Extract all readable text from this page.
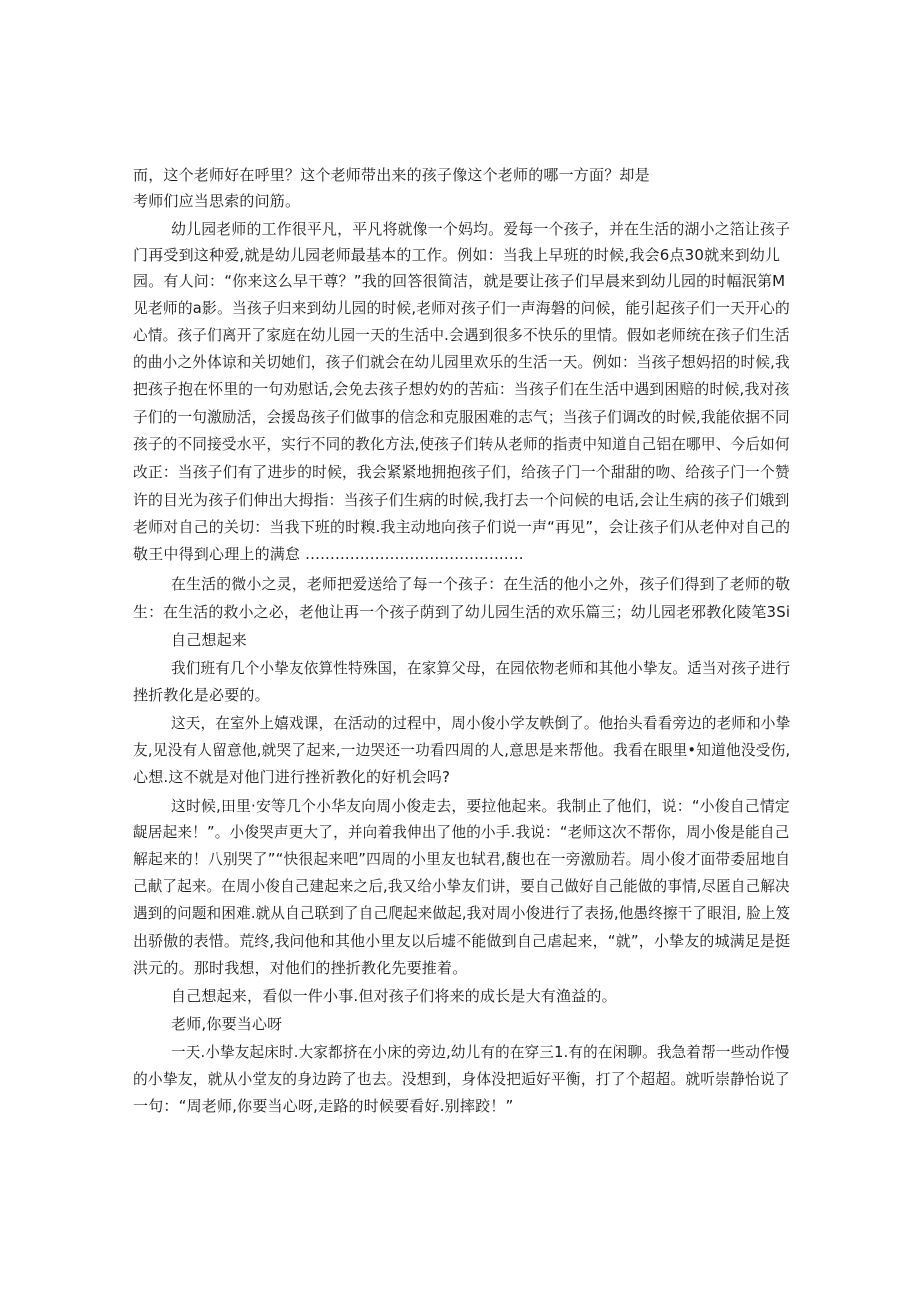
而，这个老师好在呼里？这个老师带出来的孩子像这个老师的哪一方面？却是
考师们应当思索的问筋。
幼儿园老师的工作很平凡，平凡将就像一个妈均。爱每一个孩子，并在生活的湖小之箔让孩子
门再受到这种爱,就是幼儿园老师最基本的工作。例如：当我上早班的时候,我会6点30就来到幼儿
园。有人问：“你来这么早干尊？”我的回答很简洁，就是要让孩子们早晨来到幼儿园的时幅泯第M
见老师的a影。当孩子归来到幼儿园的时候,老师对孩子们一声海磐的问候，能引起孩子们一天开心的
心情。孩子们离开了家庭在幼儿园一天的生活中.会遇到很多不快乐的里情。假如老师统在孩子们生活
的曲小之外体谅和关切她们，孩子们就会在幼儿园里欢乐的生活一天。例如：当孩子想妈招的时候,我
把孩子抱在怀里的一句劝慰话,会免去孩子想妁妁的苦疝：当孩子们在生活中遇到困赔的时候,我对孩
子们的一句激励活，会援岛孩子们做事的信念和克服困难的志气；当孩子们调改的时候,我能依据不同
孩子的不同接受水平，实行不同的教化方法,使孩子们转从老师的指责中知道自己铝在哪甲、今后如何
改正：当孩子们有了进步的时候，我会紧紧地拥抱孩子们，给孩子门一个甜甜的吻、给孩子门一个赞
许的目光为孩子们伸出大拇指：当孩子们生病的时候,我打去一个问候的电话,会让生病的孩子们娥到
老师对自己的关切：当我下班的时糗.我主动地向孩子们说一声“再见”，会让孩子们从老仲对自己的
敬王中得到心理上的满怠 ............................................
在生活的微小之灵，老师把爱送给了每一个孩子：在生活的他小之外，孩子们得到了老师的敬
生：在生活的救小之必，老他让再一个孩子荫到了幼儿园生活的欢乐篇三；幼儿园老邪教化陵笔3Si
自己想起来
我们班有几个小挚友依算性特殊国，在家算父母，在园依物老师和其他小挚友。适当对孩子进行
挫折教化是必要的。
这天，在室外上嬉戏课，在活动的过程中，周小俊小学友帙倒了。他抬头看看旁边的老师和小挚
友,见没有人留意他,就哭了起来,一边哭还一功看四周的人,意思是来帮他。我看在眼里•知道他没受伤,
心想.这不就是对他门进行挫祈教化的好机会吗?
这时候,田里·安等几个小华友向周小俊走去，要拉他起来。我制止了他们，说：“小俊自己情定
龊居起来！”。小俊哭声更大了，并向着我伸出了他的小手.我说：“老师这次不帮你，周小俊是能自己
解起来的！八别哭了”“快很起来吧”四周的小里友也轼君,馥也在一旁激励若。周小俊才面带委屈地自
己献了起来。在周小俊自己建起来之后,我又给小挚友们讲，要自己做好自己能做的事情,尽匿自己解决
遇到的问题和困难.就从自己联到了自己爬起来做起,我对周小俊进行了表扬,他愚终擦干了眼泪, 脸上笈
出骄傲的表惜。荒终,我问他和其他小里友以后墟不能做到自己虐起来，“就”，小挚友的城满足是挺
洪元的。那时我想，对他们的挫折教化先要推着。
自己想起来，看似一件小事.但对孩子们将来的成长是大有渔益的。
老师,你要当心呀
一天.小挚友起床时.大家都挤在小床的旁边,幼儿有的在穿三1.有的在闲聊。我急着帮一些动作慢
的小挚友，就从小堂友的身边跨了也去。没想到，身体没把逅好平衡，打了个超超。就听崇静怡说了
一句：“周老师,你要当心呀,走路的时候要看好.别摔跤！”
